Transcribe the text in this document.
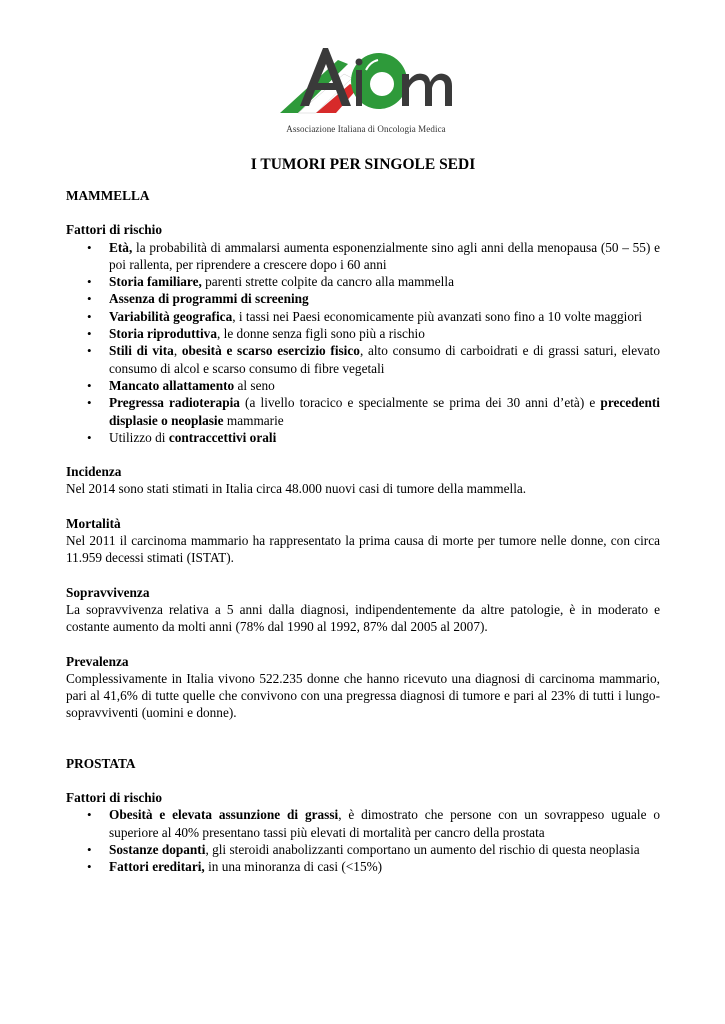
Associazione Italiana di Oncologia Medica
I TUMORI PER SINGOLE SEDI

MAMMELLA

Fattori di rischio

• Età, la probabilità di ammalarsi aumenta esponenzialmente sino agli anni della menopausa (50 – 55) e poi rallenta, per riprendere a crescere dopo i 60 anni
• Storia familiare, parenti strette colpite da cancro alla mammella
• Assenza di programmi di screening
• Variabilità geografica, i tassi nei Paesi economicamente più avanzati sono fino a 10 volte maggiori
• Storia riproduttiva, le donne senza figli sono più a rischio
• Stili di vita, obesità e scarso esercizio fisico, alto consumo di carboidrati e di grassi saturi, elevato consumo di alcol e scarso consumo di fibre vegetali
• Mancato allattamento al seno
• Pregressa radioterapia (a livello toracico e specialmente se prima dei 30 anni d’età) e precedenti displasie o neoplasie mammarie
• Utilizzo di contraccettivi orali

Incidenza

Nel 2014 sono stati stimati in Italia circa 48.000 nuovi casi di tumore della mammella.

Mortalità

Nel 2011 il carcinoma mammario ha rappresentato la prima causa di morte per tumore nelle donne, con circa 11.959 decessi stimati (ISTAT).

Sopravvivenza

La sopravvivenza relativa a 5 anni dalla diagnosi, indipendentemente da altre patologie, è in moderato e costante aumento da molti anni (78% dal 1990 al 1992, 87% dal 2005 al 2007).

Prevalenza

Complessivamente in Italia vivono 522.235 donne che hanno ricevuto una diagnosi di carcinoma mammario, pari al 41,6% di tutte quelle che convivono con una pregressa diagnosi di tumore e pari al 23% di tutti i lungo-sopravviventi (uomini e donne).

PROSTATA

Fattori di rischio

• Obesità e elevata assunzione di grassi, è dimostrato che persone con un sovrappeso uguale o superiore al 40% presentano tassi più elevati di mortalità per cancro della prostata
• Sostanze dopanti, gli steroidi anabolizzanti comportano un aumento del rischio di questa neoplasia
• Fattori ereditari, in una minoranza di casi (<15%)
